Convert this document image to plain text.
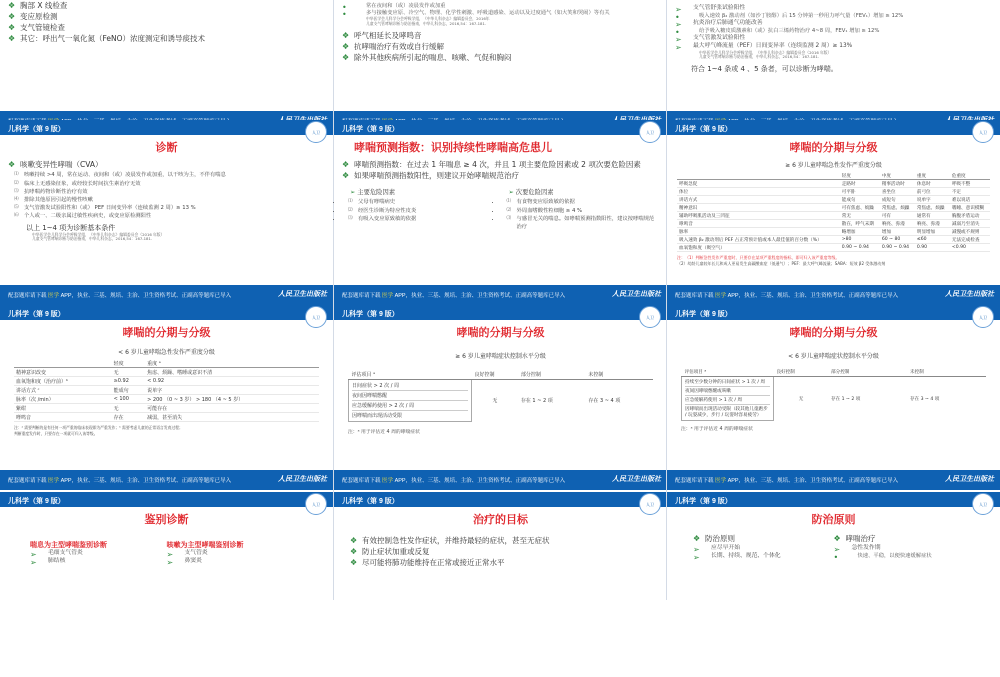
❖ 胸部 X 线检查
❖ 变应原检测
❖ 支气管镜检查
❖ 其它：呼出气一氧化氮（FeNO）浓度测定和诱导痰技术
•	常在夜间和（或）凌晨发作或加重
•	多与接触变应原、冷空气、物理、化学性刺激、呼吸道感染、运动以及过度通气（如大笑和哭闹）等有关
中华医学会儿科学分会呼吸学组，《中华儿科杂志》编辑委员会，2016年
儿童支气管哮喘诊断与防治指南，中华儿科杂志，2016,54：167-181.
❖ 呼气相延长及哮鸣音
❖ 抗哮喘治疗有效或自行缓解
❖ 除外其他疾病所引起的喘息、咳嗽、气促和胸闷
➢ 支气管舒张试验阳性
•	吸入速效 β₂ 激动剂（如沙丁胺醇）后 15 分钟第一秒用力呼气量（FEV₁）增加 ≥ 12%
➢ 抗炎治疗后肺通气功能改善
•	给予吸入糖皮质激素和（或）抗白三烯药物治疗 4~8 周，FEV₁ 增加 ≥ 12%
➢ 支气管激发试验阳性
➢ 最大呼气峰流量（PEF）日间变异率（连续监测 2 周）≥ 13%
中华医学会儿科学分会呼吸学组，《中华儿科杂志》编辑委员会（2016 年版）
儿童支气管哮喘诊断与防治指南，中华儿科杂志，2016,54：167-181.
符合 1~4 条或 4 、5 条者，可以诊断为哮喘。
儿科学（第 9 版）	人卫
诊断
❖ 咳嗽变异性哮喘（CVA）
• ⑴ 咳嗽持续 >4 周，常在运动、夜间和（或）凌晨发作或加重，以干咳为主，不伴有喘息
• ⑵ 临床上无感染征象，或经较长时间抗生素治疗无效
• ⑶ 抗哮喘药物诊断性治疗有效
• ⑷ 排除其他原因引起的慢性咳嗽
• ⑸ 支气管激发试验阳性和（或） PEF 日间变异率（连续监测 2 周）≥ 13 %
• ⑹ 个人或一、二级亲属过敏性疾病史，或变应原检测阳性
以上 1~4 项为诊断基本条件
中华医学会儿科学分会呼吸学组，《中华儿科杂志》编辑委员会（2016 年版）
儿童支气管哮喘诊断与防治指南，中华儿科杂志，2016,54：167-181.
配套题库请下载 医学 APP，执业、三基、规培、主治、卫生资格考试、正副高等题库已导入	人民卫生出版社
儿科学（第 9 版）	人卫
哮喘预测指数：识别持续性哮喘高危患儿
❖ 哮喘预测指数：在过去 1 年喘息 ≥ 4 次，并且 1 项主要危险因素或 2 项次要危险因素
❖ 如果哮喘预测指数阳性，则建议开始哮喘规范治疗
➢ 主要危险因素
• ⑴ 父母有哮喘病史
• ⑵ 经医生诊断为特应性皮炎
• ⑶ 有吸入变应原致敏的依据
➢ 次要危险因素
• ⑴ 有食物变应原致敏的依据
• ⑵ 外周血嗜酸性粒细胞 ≥ 4 %
• ⑶ 与感冒无关的喘息。如哮喘预测指数阳性，建议按哮喘规范治疗
配套题库请下载 医学 APP，执业、三基、规培、主治、卫生资格考试、正副高等题库已导入	人民卫生出版社
儿科学（第 9 版）	人卫
哮喘的分期与分级
≥ 6 岁儿童哮喘急性发作严重度分级
	轻度	中度	重度	危重度
呼吸急促	走路时	稍事活动时	休息时	呼吸不整
体位	可平卧	喜坐位	前弓位	不定
讲话方式	能成句	成短句	说单字	难以说话
精神意识	可有焦虑、烦躁	常焦虑、烦躁	常焦虑、烦躁	嗜睡、意识模糊
辅助呼吸肌活动及三凹征	常无	可有	通常有	胸腹矛盾运动
哮鸣音	散在，呼气末期	响亮、弥漫	响亮、弥漫	减弱乃至消失
脉率	略增加	增加	明显增加	减慢或不规则
吸入速效 β₂ 激动剂后 PEF 占正常预计值或本人最佳值的百分数（%）	>80	60 ~ 80	≤60	无法完成检查
血氧饱和度（吸空气）	0.90 ~ 0.94	0.90 ~ 0.94	0.90	<0.90
注：（1）判断急性发作严重度时，只要存在某项严重程度的指标，即可归入该严重度等级。
（2）幼龄儿童较年长儿和成人更易发生高碳酸血症（低通气）；PEF：最大呼气峰流量；SABA：短效 β2 受体激动剂
配套题库请下载 医学 APP，执业、三基、规培、主治、卫生资格考试、正副高等题库已导入	人民卫生出版社
儿科学（第 9 版）	人卫
哮喘的分期与分级
< 6 岁儿童哮喘急性发作严重度分级
	轻度	重度 ᵃ
精神意识改变	无	焦虑、烦躁、嗜睡或意识不清
血氧饱和度（治疗前）ᵇ	≥0.92	< 0.92
讲话方式 ᶜ	能成句	说单字
脉率（次 /min）	< 100	> 200 （0 ~ 3 岁） > 180 （4 ~ 5 岁）
紫绀	无	可能存在
哮鸣音	存在	减弱，甚至消失
注：ᵃ 需要判断的是有任何一项严重的临床表现即为严重发作；ᵇ 需要考虑儿童的正常语言发育过程；
判断重度发作时，只要存在一项就可归入该等级。
配套题库请下载 医学 APP，执业、三基、规培、主治、卫生资格考试、正副高等题库已导入	人民卫生出版社
儿科学（第 9 版）	人卫
哮喘的分期与分级
≥ 6 岁儿童哮喘症状控制水平分级
评估项目 ᵃ	良好控制	部分控制	未控制

日间症状 > 2 次 / 周
夜间因哮喘憋醒
应急缓解药使用 > 2 次 / 周
因哮喘而出现活动受限	无	存在 1 ~ 2 项	存在 3 ~ 4 项
注：ᵃ 用于评估近 4 周的哮喘症状
配套题库请下载 医学 APP，执业、三基、规培、主治、卫生资格考试、正副高等题库已导入	人民卫生出版社
儿科学（第 9 版）	人卫
哮喘的分期与分级
< 6 岁儿童哮喘症状控制水平分级
评估项目 ᵃ	良好控制	部分控制	未控制

持续至少数分钟的日间症状 > 1 次 / 周
夜间因哮喘憋醒或咳嗽
应急缓解药使用 > 1 次 / 周
因哮喘而出现活动受限（较其他儿童跑步 / 玩耍减少，步行 / 玩耍时容易疲劳）	无	存在 1 ~ 2 项	存在 3 ~ 4 项
注：ᵃ 用于评估近 4 周的哮喘症状
配套题库请下载 医学 APP，执业、三基、规培、主治、卫生资格考试、正副高等题库已导入	人民卫生出版社
儿科学（第 9 版）	人卫
鉴别诊断
喘息为主型哮喘鉴别诊断
➢ 毛细支气管炎
➢ 肺结核
咳嗽为主型哮喘鉴别诊断
➢ 支气管炎
➢ 鼻窦炎
儿科学（第 9 版）	人卫
治疗的目标
❖ 有效控制急性发作症状，并维持最轻的症状，甚至无症状
❖ 防止症状加重或反复
❖ 尽可能将肺功能维持在正常或接近正常水平
儿科学（第 9 版）	人卫
防治原则
❖ 防治原则
➢ 应尽早开始
➢ 长期、持续、规范、个体化
❖ 哮喘治疗
➢ 急性发作期
•	快速、平稳，以便快速缓解症状
